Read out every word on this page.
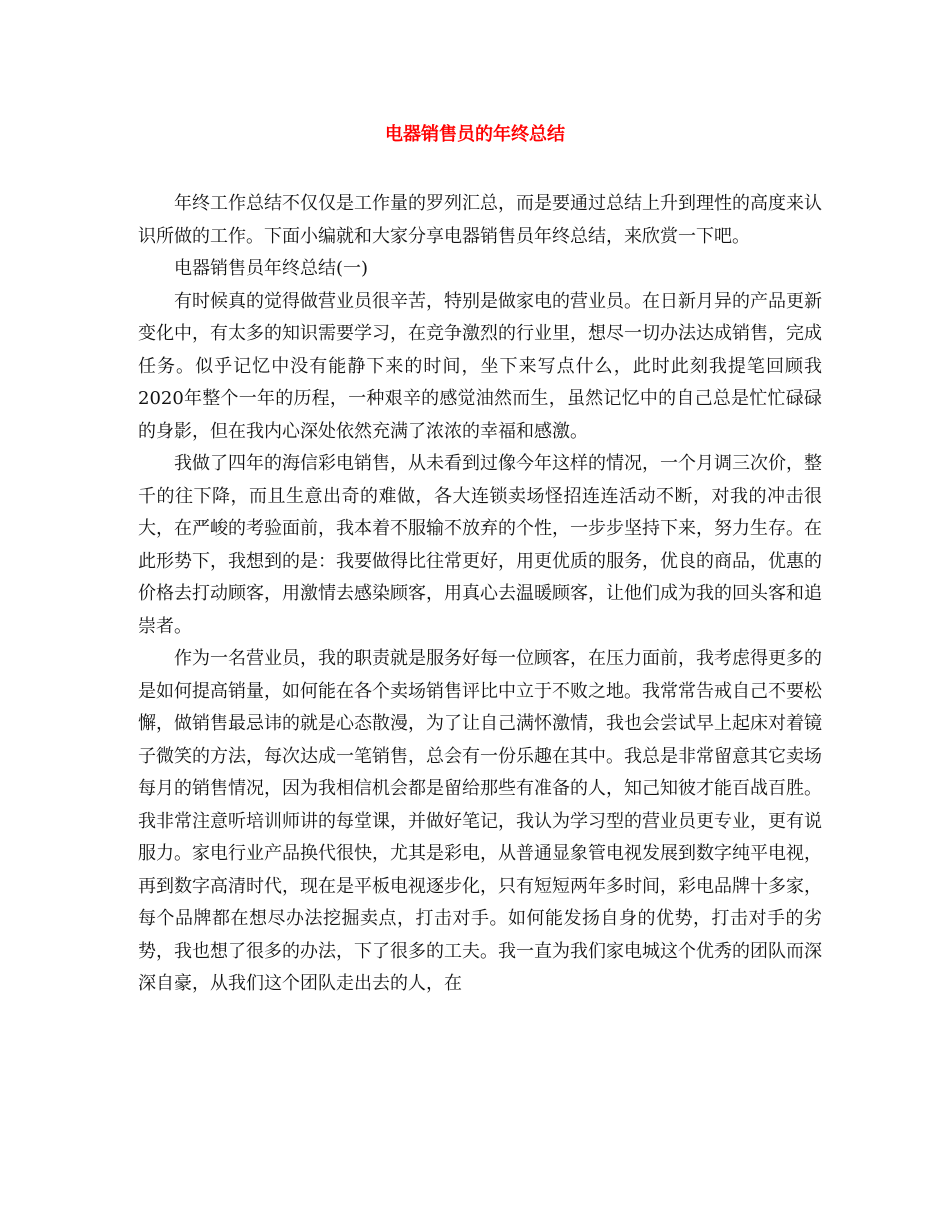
电器销售员的年终总结

年终工作总结不仅仅是工作量的罗列汇总，而是要通过总结上升到理性的高度来认识所做的工作。下面小编就和大家分享电器销售员年终总结，来欣赏一下吧。

电器销售员年终总结(一)

有时候真的觉得做营业员很辛苦，特别是做家电的营业员。在日新月异的产品更新变化中，有太多的知识需要学习，在竞争激烈的行业里，想尽一切办法达成销售，完成任务。似乎记忆中没有能静下来的时间，坐下来写点什么，此时此刻我提笔回顾我2020年整个一年的历程，一种艰辛的感觉油然而生，虽然记忆中的自己总是忙忙碌碌的身影，但在我内心深处依然充满了浓浓的幸福和感激。

我做了四年的海信彩电销售，从未看到过像今年这样的情况，一个月调三次价，整千的往下降，而且生意出奇的难做，各大连锁卖场怪招连连活动不断，对我的冲击很大，在严峻的考验面前，我本着不服输不放弃的个性，一步步坚持下来，努力生存。在此形势下，我想到的是：我要做得比往常更好，用更优质的服务，优良的商品，优惠的价格去打动顾客，用激情去感染顾客，用真心去温暖顾客，让他们成为我的回头客和追崇者。

作为一名营业员，我的职责就是服务好每一位顾客，在压力面前，我考虑得更多的是如何提高销量，如何能在各个卖场销售评比中立于不败之地。我常常告戒自己不要松懈，做销售最忌讳的就是心态散漫，为了让自己满怀激情，我也会尝试早上起床对着镜子微笑的方法，每次达成一笔销售，总会有一份乐趣在其中。我总是非常留意其它卖场每月的销售情况，因为我相信机会都是留给那些有准备的人，知己知彼才能百战百胜。我非常注意听培训师讲的每堂课，并做好笔记，我认为学习型的营业员更专业，更有说服力。家电行业产品换代很快，尤其是彩电，从普通显象管电视发展到数字纯平电视，再到数字高清时代，现在是平板电视逐步化，只有短短两年多时间，彩电品牌十多家，每个品牌都在想尽办法挖掘卖点，打击对手。如何能发扬自身的优势，打击对手的劣势，我也想了很多的办法，下了很多的工夫。我一直为我们家电城这个优秀的团队而深深自豪，从我们这个团队走出去的人，在
